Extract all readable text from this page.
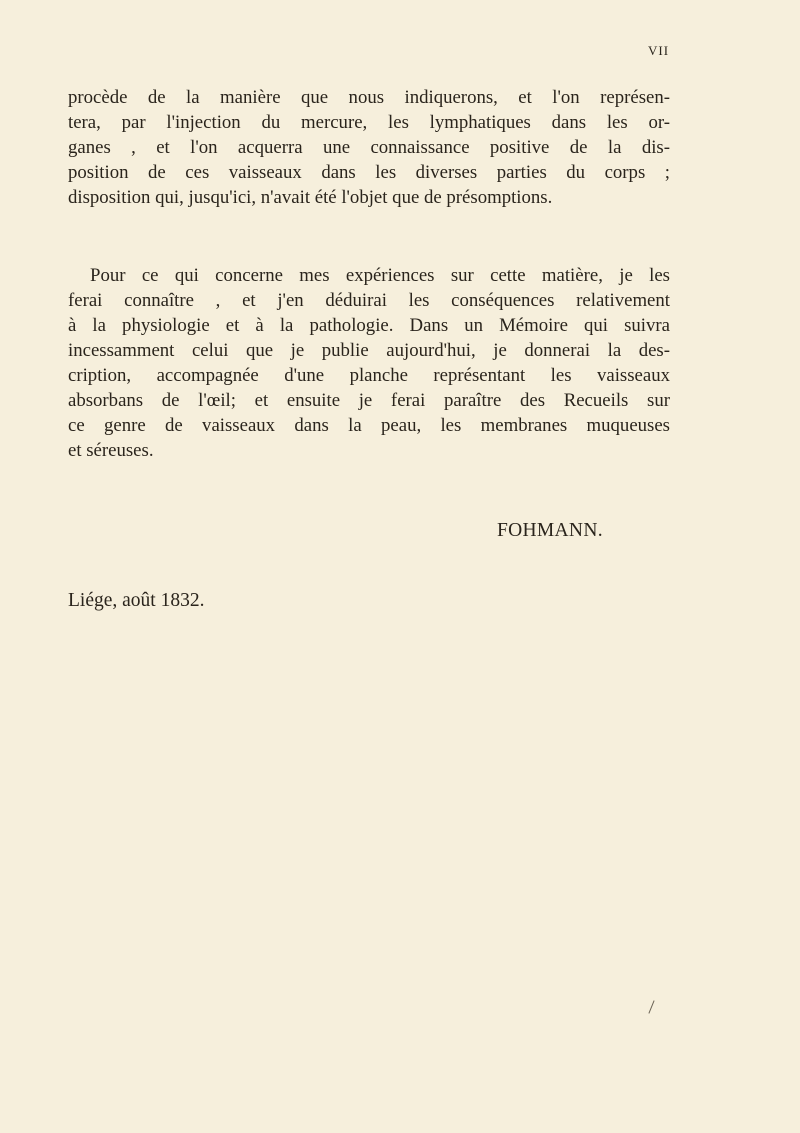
VII

procède de la manière que nous indiquerons, et l'on représen-
tera, par l'injection du mercure, les lymphatiques dans les or-
ganes , et l'on acquerra une connaissance positive de la dis-
position de ces vaisseaux dans les diverses parties du corps ;
disposition qui, jusqu'ici, n'avait été l'objet que de présomptions.

Pour ce qui concerne mes expériences sur cette matière, je les
ferai connaître , et j'en déduirai les conséquences relativement
à la physiologie et à la pathologie. Dans un Mémoire qui suivra
incessamment celui que je publie aujourd'hui, je donnerai la des-
cription, accompagnée d'une planche représentant les vaisseaux
absorbans de l'œil; et ensuite je ferai paraître des Recueils sur
ce genre de vaisseaux dans la peau, les membranes muqueuses
et séreuses.

FOHMANN.
Liége, août 1832.
